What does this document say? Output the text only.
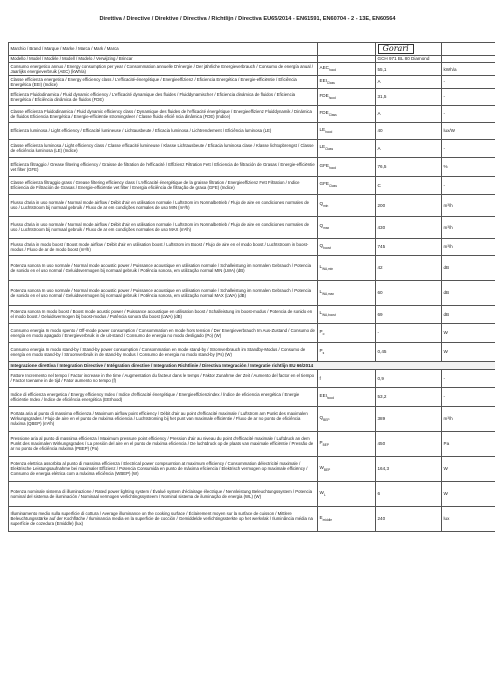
Direttiva / Directive / Direktive / Directiva / Richtlijn / Directiva EU65/2014 - EN61591, EN60704 - 2 - 13E, EN60564
Marchio / Brand / Marque / Marke / Marca / Mark / Marca		Gorari	
Modello / Model / Modèle / Modell / Modelo / Verwijzing / Brincar		GCH 971 BL 80 Diamond	
Consumo energetico annuo / Energy consumption per year / Consommation annuelle D'énergie / Der jährliche Energieverbrauch / Consumo de energía anual / Jaarlijks energieverbruik (AEC) (kWh/a)	$AEC_{hood}$	55,1	kWh/a
Classe efficienza energetica / Energy efficiency class / L'efficacité-énergétique / Energieeffizienz / Eficiencia Energética / Energie-efficiëntie / Eficiência Energética (EEI) (Indice)	$EEI_{Class}$	A	-
Efficienza Fluidodinamica / Fluid dynamic efficiency / L'efficacité dynamique des fluides / Fluiddynamischer / Eficiencia dinámica de fluidos / Eficiencia Energética / Eficiência dinâmica de fluidos (FDE)	$FDE_{hood}$	31,5	-
Classe efficienza Fluidodinamica / Fluid dynamic efficiency class / Dynamique des fluides de l'efficacité énergétique / Energieeffizienz Fluiddynamik / Dinámica de fluidos Eficiencia Energética / Energie-efficiëntie stromingsleer / Classe fluido eficiê ncia dinâmica (FDE) (Indice)	$FDE_{Class}$	A	-
Efficienza luminosa / Light efficiency / Efficacité lumineuse / Lichtausbeute / Eficacia luminosa / Lichtrendement / Eficiência luminosa (LE)	$LE_{hood}$	40	lux/W
Classe efficienza luminosa / Light efficiency class / Classe efficacité lumineuse / Klasse Lichtausbeute / Eficacia luminosa clase / Klasse lichtopbrengst / Classe de eficiência luminosa (LE) (Indice)	$LE_{Class}$	A	-
Efficienza filtraggio / Grease filtering efficiency / Graisse de filtration de l'efficacité / Effizienz Filtration Fett / Eficiencia de filtración de Grasas / Energie-efficiëntie vet filter (GFE)	$GFE_{hood}$	76,5	%
Classe efficienza filtraggio grass / Grease filtering efficiency class / L'efficacité énergétique de la graisse filtration / Energieeffizienz Fett Filtration / Indice Eficiencia de Filtración de Grasas / Energie-efficiëntie vet filter / Energia eficiência de filtração de graxa (GFE) (Indice)	$GFE_{Class}$	C	-
Flusso d'aria in uso normale / Normal mode airflow / Débit d'air en utilisation normale / Luftstrom im Normalbetrieb / Flujo de aire en condiciones normales de uso / Luchtstroom bij normaal gebruik / Fluxo de ar em condições normales de uso MIN (m³/h)	$Q_{min}$	200	m³/h
Flusso d'aria in uso normale / Normal mode airflow / Débit d'air en utilisation normale / Luftstrom im Normalbetrieb / Flujo de aire en condiciones normales de uso / Luchtstroom bij normaal gebruik / Fluxo de ar em condições normales de uso MAX (m³/h)	$Q_{max}$	430	m³/h
Flusso d'aria in modo boost / Boost mode airflow / Débit d'air en utilisation boost / Luftstrom im Boost / Flujo de aire en el modo boost / Luchtstroom in boost-modus / Fluxo de ar de modo boost (m³/h)	$Q_{boost}$	745	m³/h
Potenza sonora In uso normale / Normal mode acoustic power / Puissance acoustique en utilisation normale / Schalleistung im normalen Gebrauch / Potencia de sonido en el uso normal / Geluidsvermogen bij normaal gebruik / Potência sonora, em utilização normal MIN (LWA) (dB)	$L_{WA,min}$	42	dB
Potenza sonora In uso normale / Normal mode acoustic power / Puissance acoustique en utilisation normale / Schalleistung im normalen Gebrauch / Potencia de sonido en el uso normal / Geluidsvermogen bij normaal gebruik / Potência sonora, em utilização normal MAX (LWA) (dB)	$L_{WA,max}$	60	dB
Potenza sonora In modo boost / Boost mode acustic power / Puissance acoustique en utilisation boost / Schalleistung im boost-modus / Potencia de sonido en el modo boost / Geluidsvermogen bij boost-modus / Potência sonora tão boost (LWA) (dB)	$L_{WA,boost}$	69	dB
Consumo energia In modo spento / Off-mode power consumption / Consommation en mode hors tension / Der Energieverbrauch Im Aus-Zustand / Consumo de energía en modo apagado / Energieverbruik in de uit-stand / Consumo de energia no modo desligado (Po) (W)	$P_o$	-	W
Consumo energia In modo stand-by / Stand-by power consumption / Consommation en mode stand-by / Stromverbrauch im Standby-Modus / Consumo de energía en modo stand-by / Stroomverbruik in de stand-by modus / Consumo de energia no modo stand-by (Ps) (W)	$P_s$	0,45	W
Integrazione direttiva / Integration Directive / Intégration directive / Integration Richtlinie / Directiva Integración / Integratie richtlijn EU 66/2014			
Fattore Incremento nel tempo / Factor increase in the time / Augmentation du facteur dans le temps / Faktor Zunahme der Zeit / Aumento del factor en el tiempo / Factor toename in de tijd / Fator aumento no tempo (f)	f	0,9	-
Indice di efficienza energetica / Energy efficiency Index / Indice d'efficacité énergétique / Energieeffizienzindex / Índice de eficiencia energética / Energie efficiëntie Index / Índice de eficiência energética (EEIhood)	$EEI_{hood}$	53,2	-
Portata aria al punto di massima efficienza / Maximum airflow point efficiency / Débit d'air au point d'efficacité maximale / Luftstrom am Punkt des maximalen Wirkungsgrades / Flujo de aire en el punto de máxima eficiencia / Luchtstroming bij het punt van maximale efficiëntie / Fluxo de ar no ponto de eficiência máxima (QBEP) (m³/h)	$Q_{BEP}$	389	m³/h
Pressione aria al punto di massima efficienza / Maximum pressure point efficiency / Pression d'air au niveau du point d'efficacité maximale / Luftdruck an dem Punkt des maximalen Wirkungsgrades / La presión del aire en el punto de máxima eficiencia / De luchtdruck op de plaats van maximale efficiëntie / Pressão de ar no ponto de eficiência máxima (PBEP) (Pa)	$P_{BEP}$	450	Pa
Potenza elettrica assorbita al punto di massima efficienza / Electrical power compsumtion at maximum efficiency / Consommation délectricité maximale / Elektrische Leistungsaufnahme bei maximaler Effizienz / Potencia Consumida en punto de máxima eficiencia / Elektrisch vermogen op maximale efficiëncy / Consumo de energia elétrica com a máxima eficiência (WBEP) (W)	$W_{BEP}$	164,3	W
Potenza nominale sistema di illuminazione / Rated power lighting system / Évalué system d'éclairage électrique / Nennleistung Beleuchtungssystem / Potencia nominal del sistema de iluminación / Nominaal vermogen verlichtingssysteem / Nominal sistema de iluminação de energia (WL) (W)	$W_L$	6	W
Illuminamento medio sulla superficie di cottura / Average illuminance on the cooking surface / Éclairement moyen sur la surface de cuisson / Mittlere Beleuchtungsstärke auf der Kochfläche / Iluminancia media en la superficie de cocción / Gemiddelde verlichtingssterkte op het werkvlak / Iluminância média na superfície de cozedura (Emiddle) (lux)	$E_{middle}$	240	lux
